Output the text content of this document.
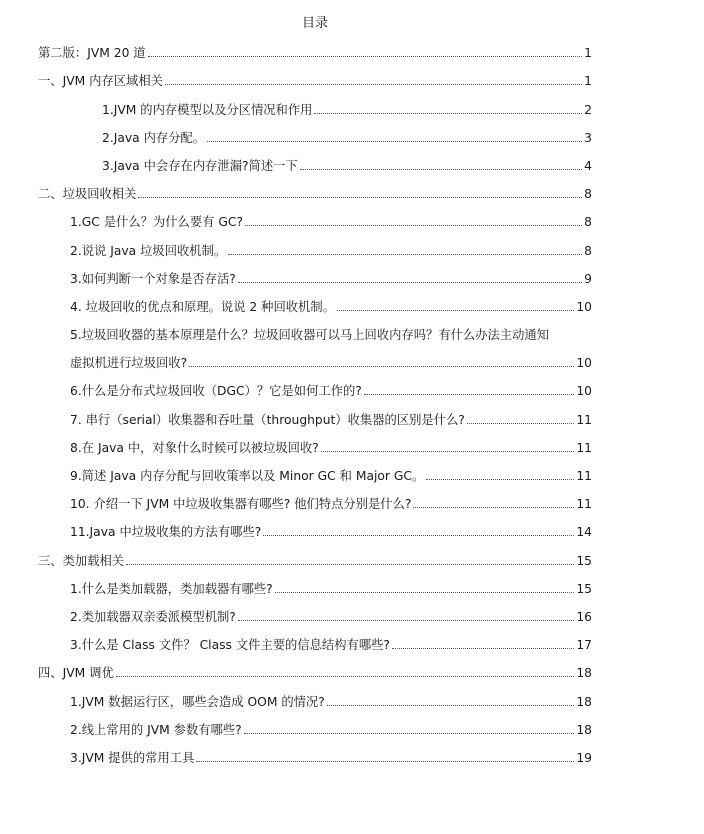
目录
第二版：JVM 20 道	1
一、JVM 内存区域相关	1
1.JVM 的内存模型以及分区情况和作用	2
2.Java 内存分配。	3
3.Java 中会存在内存泄漏?简述一下	4
二、垃圾回收相关	8
1.GC 是什么？为什么要有 GC?	8
2.说说 Java 垃圾回收机制。	8
3.如何判断一个对象是否存活?	9
4. 垃圾回收的优点和原理。说说 2 种回收机制。	10
5.垃圾回收器的基本原理是什么？垃圾回收器可以马上回收内存吗？有什么办法主动通知
虚拟机进行垃圾回收?	10
6.什么是分布式垃圾回收（DGC）？它是如何工作的?	10
7. 串行（serial）收集器和吞吐量（throughput）收集器的区别是什么?	11
8.在 Java 中，对象什么时候可以被垃圾回收?	11
9.简述 Java 内存分配与回收策率以及 Minor GC 和 Major GC。	11
10. 介绍一下 JVM 中垃圾收集器有哪些? 他们特点分别是什么?	11
11.Java 中垃圾收集的方法有哪些?	14
三、类加载相关	15
1.什么是类加载器，类加载器有哪些?	15
2.类加载器双亲委派模型机制?	16
3.什么是 Class 文件？ Class 文件主要的信息结构有哪些?	17
四、JVM 调优	18
1.JVM 数据运行区，哪些会造成 OOM 的情况?	18
2.线上常用的 JVM 参数有哪些?	18
3.JVM 提供的常用工具	19
